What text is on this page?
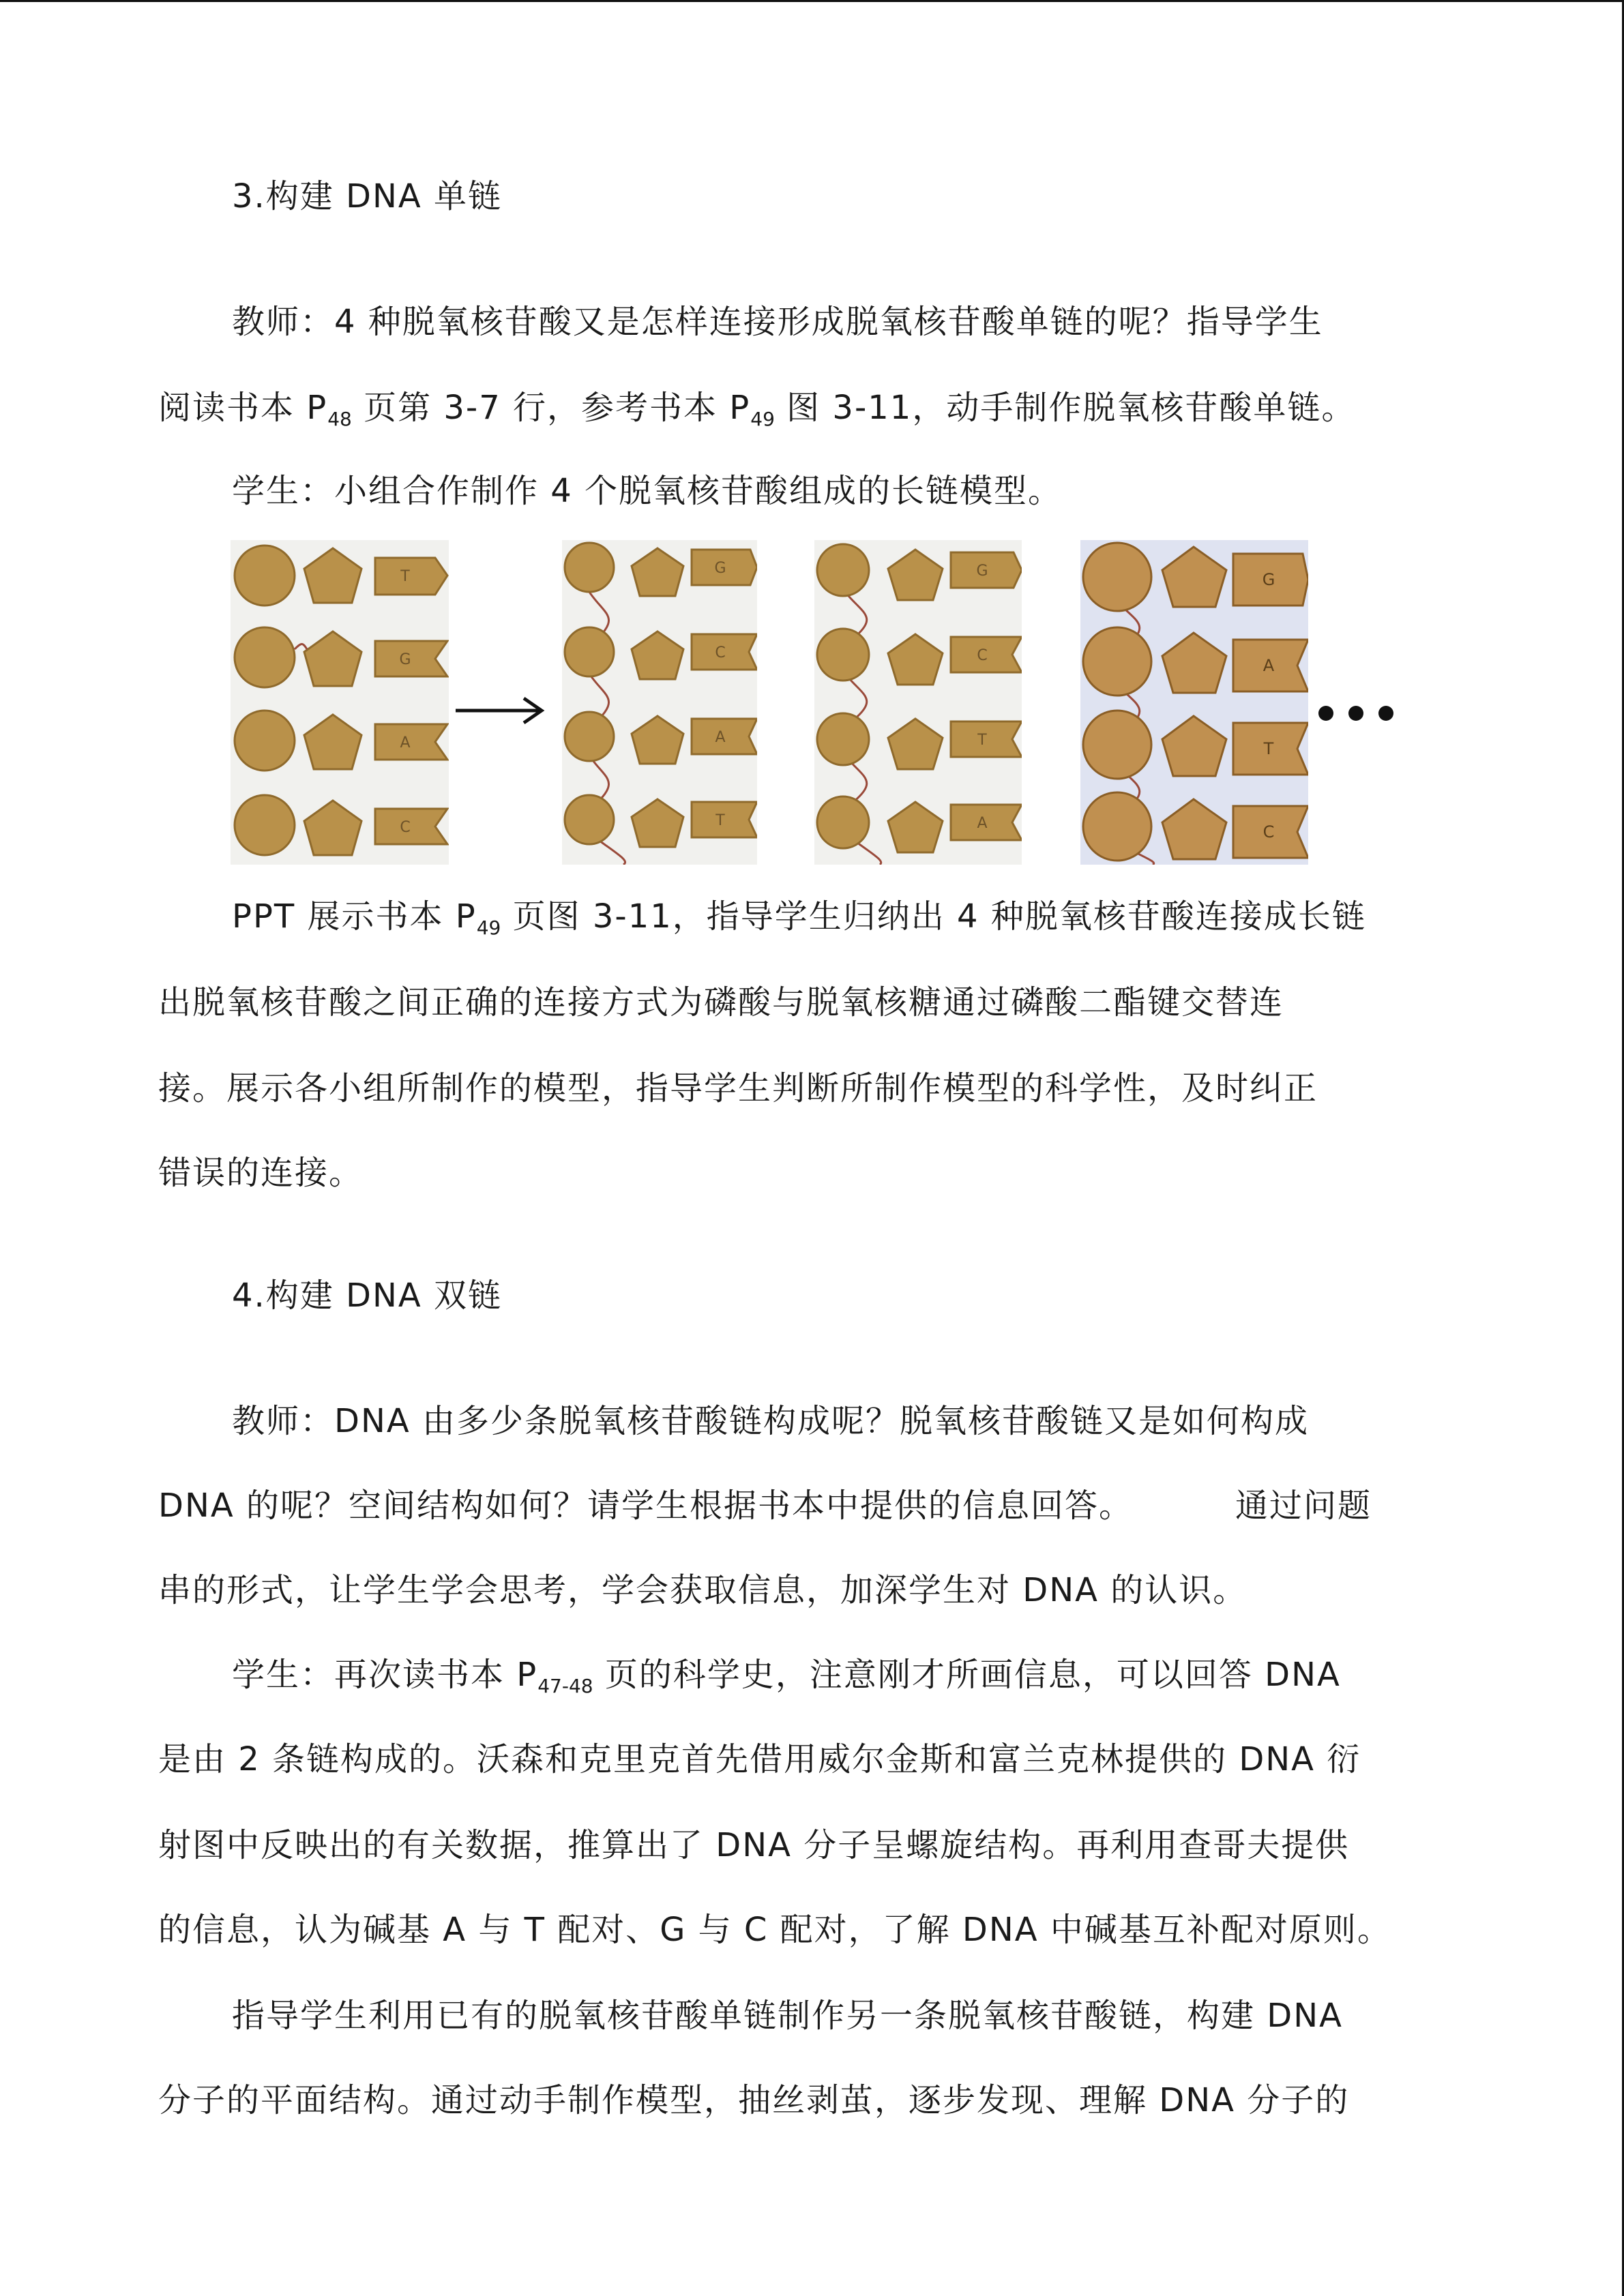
3.构建 DNA 单链
教师：4 种脱氧核苷酸又是怎样连接形成脱氧核苷酸单链的呢？指导学生
阅读书本 $P_{48}$ 页第 3-7 行，参考书本 $P_{49}$ 图 3-11，动手制作脱氧核苷酸单链。
学生：小组合作制作 4 个脱氧核苷酸组成的长链模型。
T
G
A
C
G
C
A
T
G
C
T
A
G
A
T
C
PPT 展示书本 $P_{49}$ 页图 3-11，指导学生归纳出 4 种脱氧核苷酸连接成长链
出脱氧核苷酸之间正确的连接方式为磷酸与脱氧核糖通过磷酸二酯键交替连
接。展示各小组所制作的模型，指导学生判断所制作模型的科学性，及时纠正
错误的连接。
4.构建 DNA 双链
教师：DNA 由多少条脱氧核苷酸链构成呢？脱氧核苷酸链又是如何构成
DNA 的呢？空间结构如何？请学生根据书本中提供的信息回答。	通过问题
串的形式，让学生学会思考，学会获取信息，加深学生对 DNA 的认识。
学生：再次读书本 $P_{47-48}$ 页的科学史，注意刚才所画信息，可以回答 DNA
是由 2 条链构成的。沃森和克里克首先借用威尔金斯和富兰克林提供的 DNA 衍
射图中反映出的有关数据，推算出了 DNA 分子呈螺旋结构。再利用查哥夫提供
的信息，认为碱基 A 与 T 配对、G 与 C 配对，了解 DNA 中碱基互补配对原则。
指导学生利用已有的脱氧核苷酸单链制作另一条脱氧核苷酸链，构建 DNA
分子的平面结构。通过动手制作模型，抽丝剥茧，逐步发现、理解 DNA 分子的
